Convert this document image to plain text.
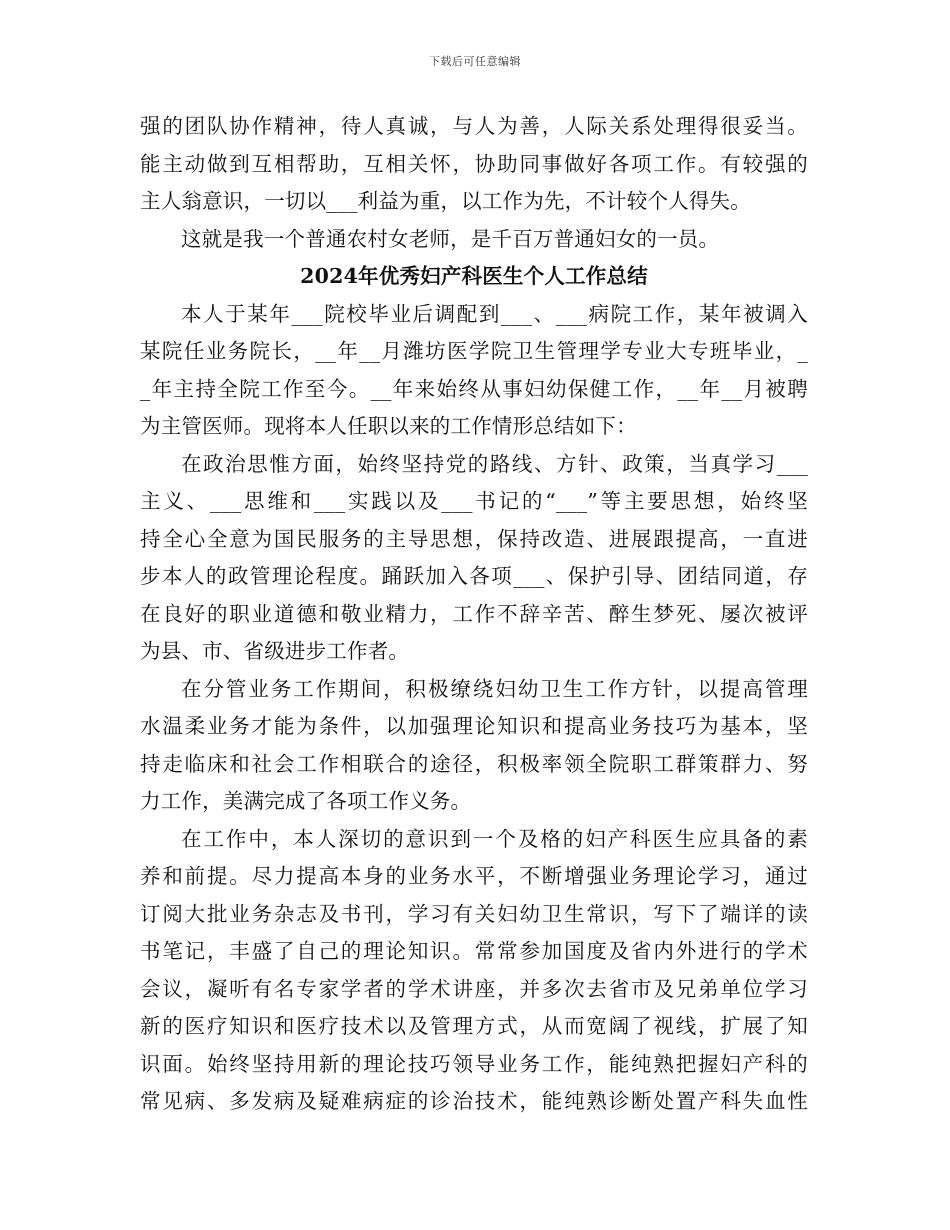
下载后可任意编辑
强的团队协作精神，待人真诚，与人为善，人际关系处理得很妥当。
能主动做到互相帮助，互相关怀，协助同事做好各项工作。有较强的
主人翁意识，一切以___利益为重，以工作为先，不计较个人得失。
这就是我一个普通农村女老师，是千百万普通妇女的一员。
2024年优秀妇产科医生个人工作总结
本人于某年___院校毕业后调配到___、___病院工作，某年被调入
某院任业务院长，__年__月潍坊医学院卫生管理学专业大专班毕业，_
_年主持全院工作至今。__年来始终从事妇幼保健工作，__年__月被聘
为主管医师。现将本人任职以来的工作情形总结如下：
在政治思惟方面，始终坚持党的路线、方针、政策，当真学习___
主义、___思维和___实践以及___书记的“___”等主要思想，始终坚
持全心全意为国民服务的主导思想，保持改造、进展跟提高，一直进
步本人的政管理论程度。踊跃加入各项___、保护引导、团结同道，存
在良好的职业道德和敬业精力，工作不辞辛苦、醉生梦死、屡次被评
为县、市、省级进步工作者。
在分管业务工作期间，积极缭绕妇幼卫生工作方针，以提高管理
水温柔业务才能为条件，以加强理论知识和提高业务技巧为基本，坚
持走临床和社会工作相联合的途径，积极率领全院职工群策群力、努
力工作，美满完成了各项工作义务。
在工作中，本人深切的意识到一个及格的妇产科医生应具备的素
养和前提。尽力提高本身的业务水平，不断增强业务理论学习，通过
订阅大批业务杂志及书刊，学习有关妇幼卫生常识，写下了端详的读
书笔记，丰盛了自己的理论知识。常常参加国度及省内外进行的学术
会议，凝听有名专家学者的学术讲座，并多次去省市及兄弟单位学习
新的医疗知识和医疗技术以及管理方式，从而宽阔了视线，扩展了知
识面。始终坚持用新的理论技巧领导业务工作，能纯熟把握妇产科的
常见病、多发病及疑难病症的诊治技术，能纯熟诊断处置产科失血性
